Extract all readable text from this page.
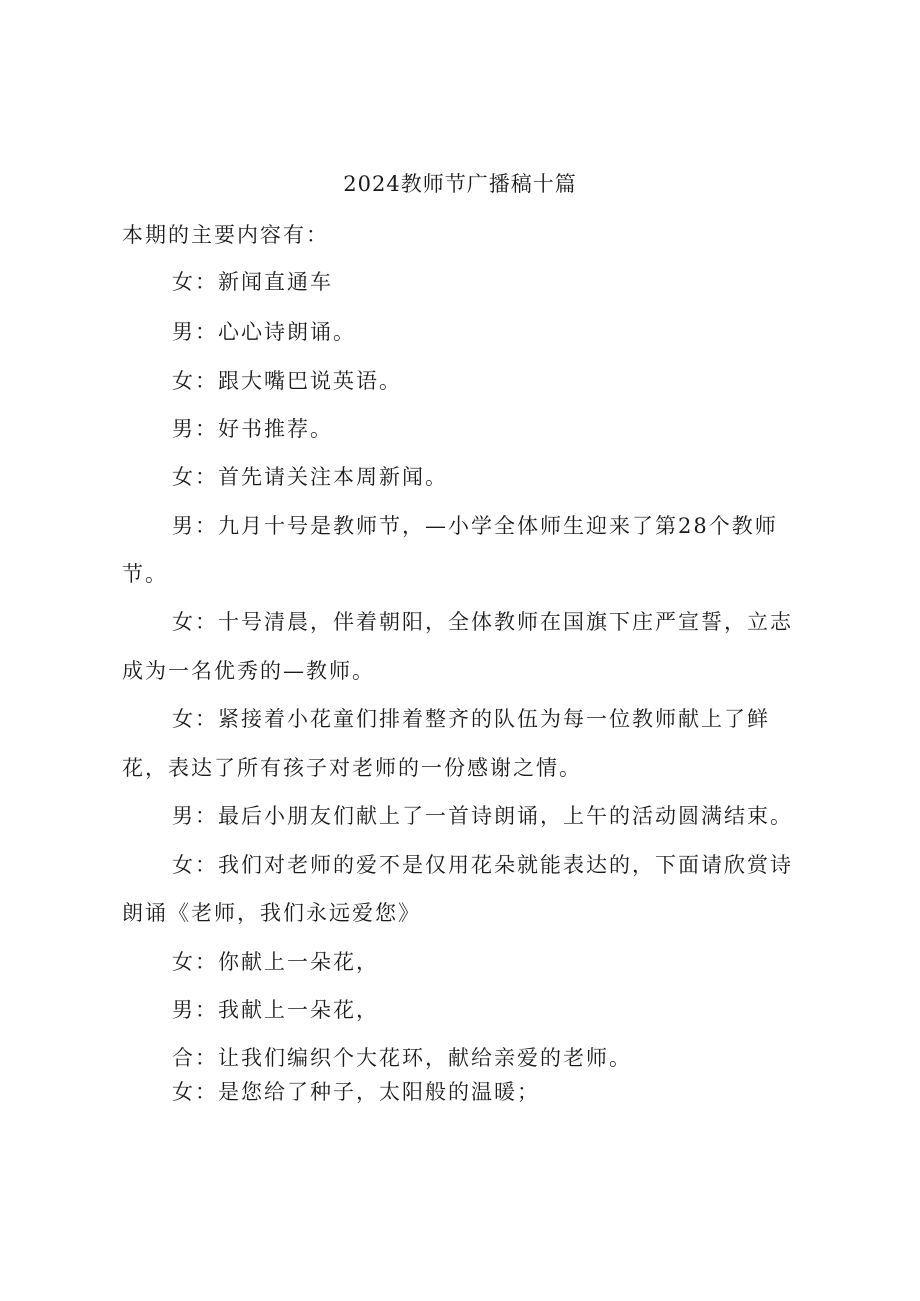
2024教师节广播稿十篇
本期的主要内容有：
女：新闻直通车
男：心心诗朗诵。
女：跟大嘴巴说英语。
男：好书推荐。
女：首先请关注本周新闻。
男：九月十号是教师节，—小学全体师生迎来了第28个教师
节。
女：十号清晨，伴着朝阳，全体教师在国旗下庄严宣誓，立志
成为一名优秀的—教师。
女：紧接着小花童们排着整齐的队伍为每一位教师献上了鲜
花，表达了所有孩子对老师的一份感谢之情。
男：最后小朋友们献上了一首诗朗诵，上午的活动圆满结束。
女：我们对老师的爱不是仅用花朵就能表达的，下面请欣赏诗
朗诵《老师，我们永远爱您》
女：你献上一朵花，
男：我献上一朵花，
合：让我们编织个大花环，献给亲爱的老师。
女：是您给了种子，太阳般的温暖；
